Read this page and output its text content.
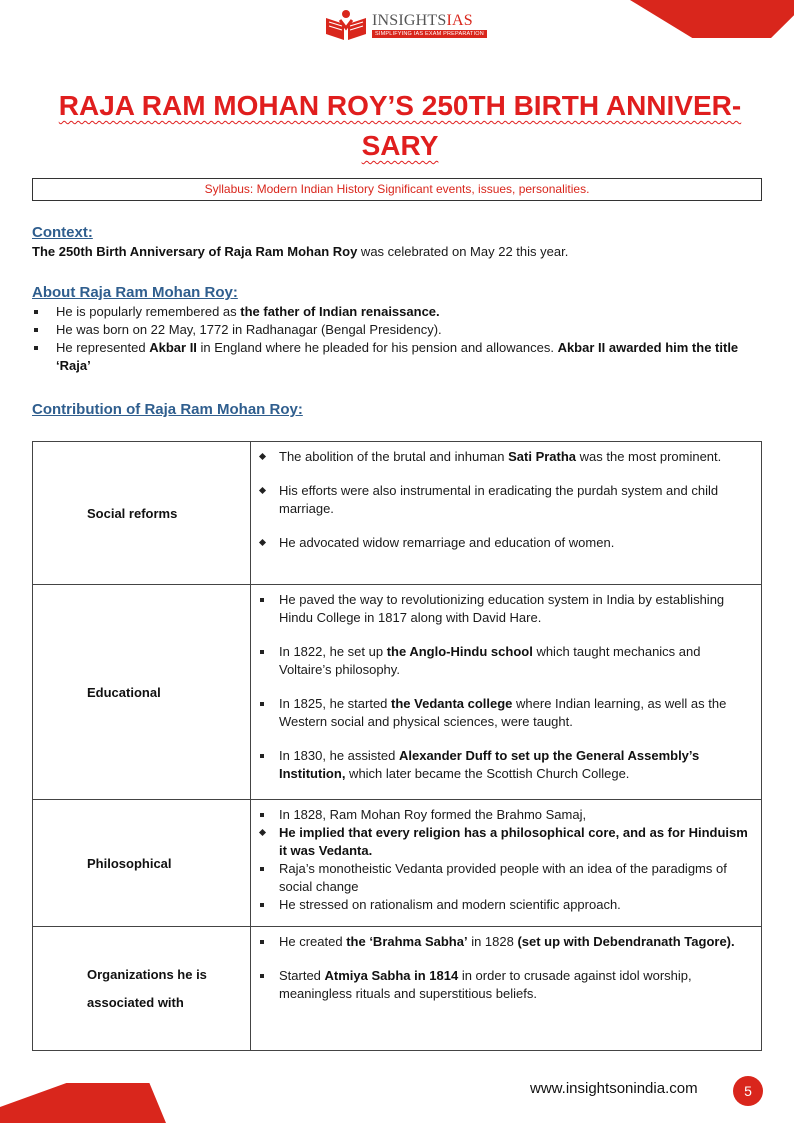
INSIGHTSIAS
SIMPLIFYING IAS EXAM PREPARATION
RAJA RAM MOHAN ROY’S 250TH BIRTH ANNIVER-SARY
Syllabus: Modern Indian History Significant events, issues, personalities.
Context:
The 250th Birth Anniversary of Raja Ram Mohan Roy was celebrated on May 22 this year.
About Raja Ram Mohan Roy:
He is popularly remembered as the father of Indian renaissance.
He was born on 22 May, 1772 in Radhanagar (Bengal Presidency).
He represented Akbar II in England where he pleaded for his pension and allowances. Akbar II awarded him the title ‘Raja’
Contribution of Raja Ram Mohan Roy:
Social reforms	
The abolition of the brutal and inhuman Sati Pratha was the most prominent.
His efforts were also instrumental in eradicating the purdah system and child marriage.
He advocated widow remarriage and education of women.

Educational	
He paved the way to revolutionizing education system in India by establishing Hindu College in 1817 along with David Hare.
In 1822, he set up the Anglo-Hindu school which taught mechanics and Voltaire’s philosophy.
In 1825, he started the Vedanta college where Indian learning, as well as the Western social and physical sciences, were taught.
In 1830, he assisted Alexander Duff to set up the General Assembly’s Institution, which later became the Scottish Church College.

Philosophical	
In 1828, Ram Mohan Roy formed the Brahmo Samaj,
He implied that every religion has a philosophical core, and as for Hinduism it was Vedanta.
Raja’s monotheistic Vedanta provided people with an idea of the paradigms of social change
He stressed on rationalism and modern scientific approach.

Organizations he is
associated with

He created the ‘Brahma Sabha’ in 1828 (set up with Debendranath Tagore).
Started Atmiya Sabha in 1814 in order to crusade against idol worship, meaningless rituals and superstitious beliefs.
www.insightsonindia.com	5
